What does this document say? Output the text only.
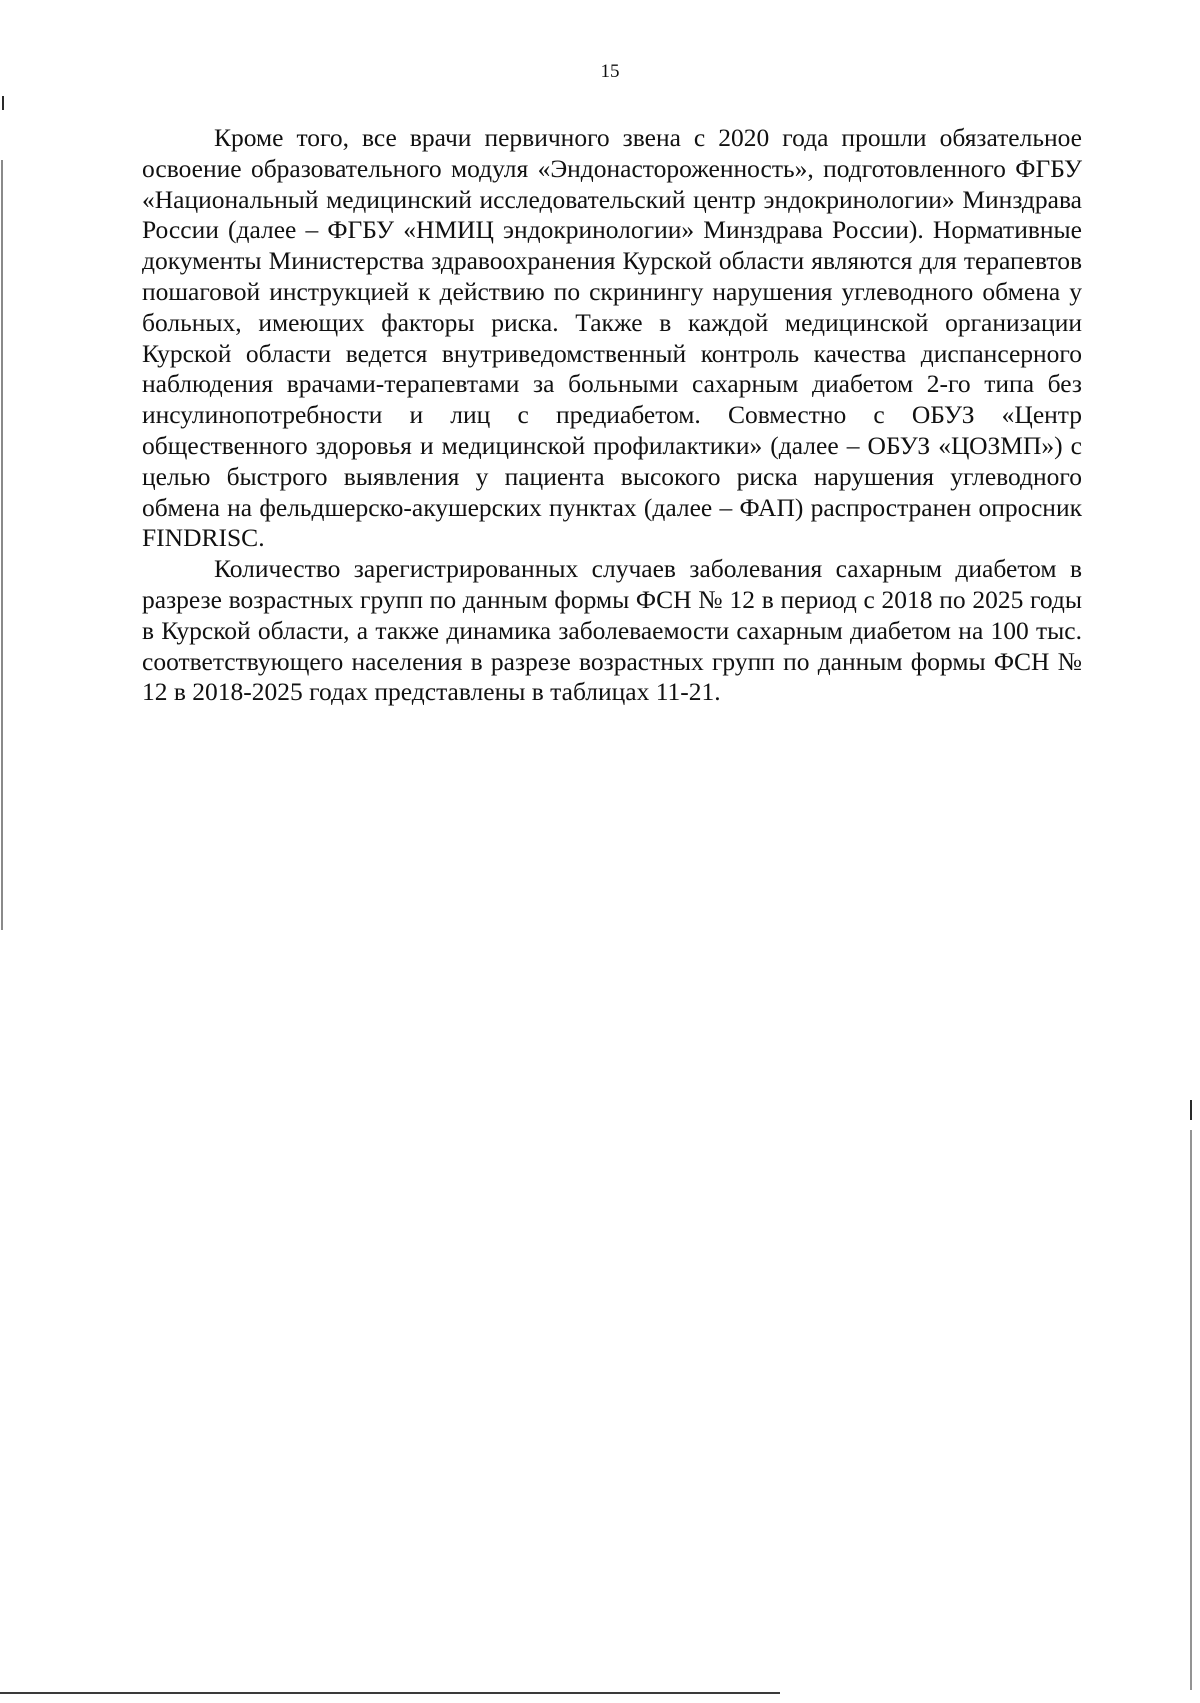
15

Кроме того, все врачи первичного звена с 2020 года прошли обязательное освоение образовательного модуля «Эндонастороженность», подготовленного ФГБУ «Национальный медицинский исследовательский центр эндокринологии» Минздрава России (далее – ФГБУ «НМИЦ эндокринологии» Минздрава России). Нормативные документы Министерства здравоохранения Курской области являются для терапевтов пошаговой инструкцией к действию по скринингу нарушения углеводного обмена у больных, имеющих факторы риска. Также в каждой медицинской организации Курской области ведется внутриведомственный контроль качества диспансерного наблюдения врачами-терапевтами за больными сахарным диабетом 2-го типа без инсулинопотребности и лиц с предиабетом. Совместно с ОБУЗ «Центр общественного здоровья и медицинской профилактики» (далее – ОБУЗ «ЦОЗМП») с целью быстрого выявления у пациента высокого риска нарушения углеводного обмена на фельдшерско-акушерских пунктах (далее – ФАП) распространен опросник FINDRISC.

Количество зарегистрированных случаев заболевания сахарным диабетом в разрезе возрастных групп по данным формы ФСН № 12 в период с 2018 по 2025 годы в Курской области, а также динамика заболеваемости сахарным диабетом на 100 тыс. соответствующего населения в разрезе возрастных групп по данным формы ФСН № 12 в 2018-2025 годах представлены в таблицах 11-21.
